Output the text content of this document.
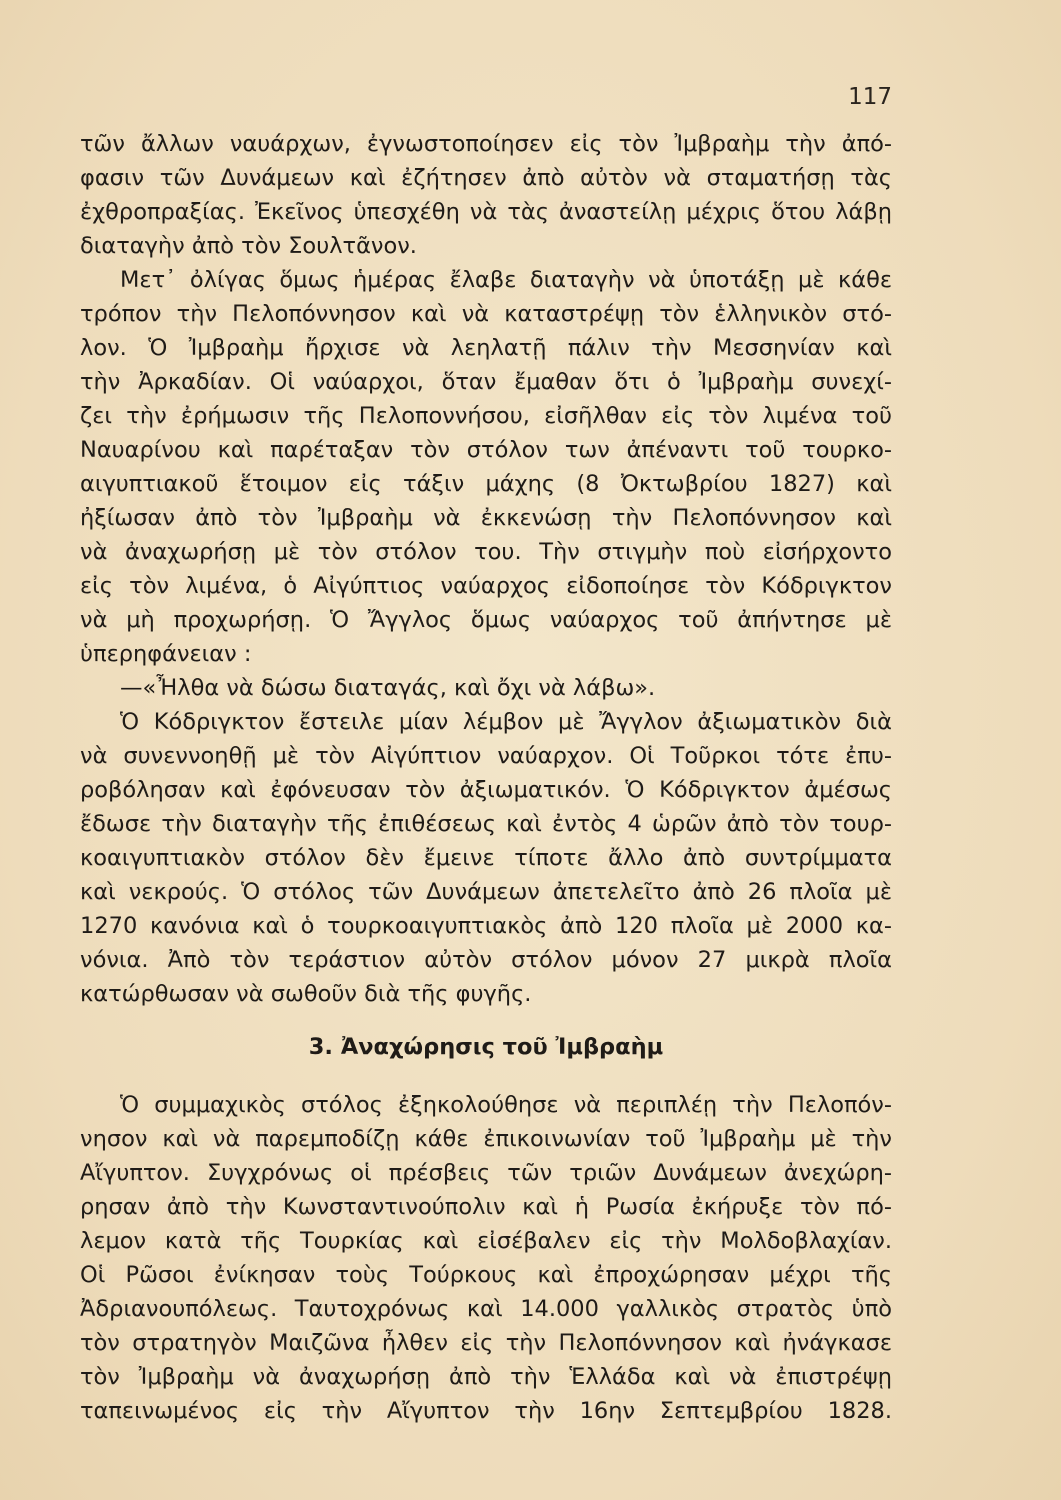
117
τῶν ἄλλων ναυάρχων, ἐγνωστοποίησεν εἰς τὸν Ἰμβραὴμ τὴν ἀπό-
φασιν τῶν Δυνάμεων καὶ ἐζήτησεν ἀπὸ αὐτὸν νὰ σταματήσῃ τὰς
ἐχθροπραξίας. Ἐκεῖνος ὑπεσχέθη νὰ τὰς ἀναστείλῃ μέχρις ὅτου λάβῃ
διαταγὴν ἀπὸ τὸν Σουλτᾶνον.
Μετ᾽ ὀλίγας ὅμως ἡμέρας ἔλαβε διαταγὴν νὰ ὑποτάξῃ μὲ κάθε
τρόπον τὴν Πελοπόννησον καὶ νὰ καταστρέψῃ τὸν ἑλληνικὸν στό-
λον. Ὁ Ἰμβραὴμ ἤρχισε νὰ λεηλατῇ πάλιν τὴν Μεσσηνίαν καὶ
τὴν Ἀρκαδίαν. Οἱ ναύαρχοι, ὅταν ἔμαθαν ὅτι ὁ Ἰμβραὴμ συνεχί-
ζει τὴν ἐρήμωσιν τῆς Πελοποννήσου, εἰσῆλθαν εἰς τὸν λιμένα τοῦ
Ναυαρίνου καὶ παρέταξαν τὸν στόλον των ἀπέναντι τοῦ τουρκο-
αιγυπτιακοῦ ἕτοιμον εἰς τάξιν μάχης (8 Ὀκτωβρίου 1827) καὶ
ἠξίωσαν ἀπὸ τὸν Ἰμβραὴμ νὰ ἐκκενώσῃ τὴν Πελοπόννησον καὶ
νὰ ἀναχωρήσῃ μὲ τὸν στόλον του. Τὴν στιγμὴν ποὺ εἰσήρχοντο
εἰς τὸν λιμένα, ὁ Αἰγύπτιος ναύαρχος εἰδοποίησε τὸν Κόδριγκτον
νὰ μὴ προχωρήσῃ. Ὁ Ἄγγλος ὅμως ναύαρχος τοῦ ἀπήντησε μὲ
ὑπερηφάνειαν :
—«Ἦλθα νὰ δώσω διαταγάς, καὶ ὄχι νὰ λάβω».
Ὁ Κόδριγκτον ἔστειλε μίαν λέμβον μὲ Ἄγγλον ἀξιωματικὸν διὰ
νὰ συνεννοηθῇ μὲ τὸν Αἰγύπτιον ναύαρχον. Οἱ Τοῦρκοι τότε ἐπυ-
ροβόλησαν καὶ ἐφόνευσαν τὸν ἀξιωματικόν. Ὁ Κόδριγκτον ἀμέσως
ἔδωσε τὴν διαταγὴν τῆς ἐπιθέσεως καὶ ἐντὸς 4 ὡρῶν ἀπὸ τὸν τουρ-
κοαιγυπτιακὸν στόλον δὲν ἔμεινε τίποτε ἄλλο ἀπὸ συντρίμματα
καὶ νεκρούς. Ὁ στόλος τῶν Δυνάμεων ἀπετελεῖτο ἀπὸ 26 πλοῖα μὲ
1270 κανόνια καὶ ὁ τουρκοαιγυπτιακὸς ἀπὸ 120 πλοῖα μὲ 2000 κα-
νόνια. Ἀπὸ τὸν τεράστιον αὐτὸν στόλον μόνον 27 μικρὰ πλοῖα
κατώρθωσαν νὰ σωθοῦν διὰ τῆς φυγῆς.
3. Ἀναχώρησις τοῦ Ἰμβραὴμ
Ὁ συμμαχικὸς στόλος ἐξηκολούθησε νὰ περιπλέῃ τὴν Πελοπόν-
νησον καὶ νὰ παρεμποδίζῃ κάθε ἐπικοινωνίαν τοῦ Ἰμβραὴμ μὲ τὴν
Αἴγυπτον. Συγχρόνως οἱ πρέσβεις τῶν τριῶν Δυνάμεων ἀνεχώρη-
ρησαν ἀπὸ τὴν Κωνσταντινούπολιν καὶ ἡ Ρωσία ἐκήρυξε τὸν πό-
λεμον κατὰ τῆς Τουρκίας καὶ εἰσέβαλεν εἰς τὴν Μολδοβλαχίαν.
Οἱ Ρῶσοι ἐνίκησαν τοὺς Τούρκους καὶ ἐπροχώρησαν μέχρι τῆς
Ἀδριανουπόλεως. Ταυτοχρόνως καὶ 14.000 γαλλικὸς στρατὸς ὑπὸ
τὸν στρατηγὸν Μαιζῶνα ἦλθεν εἰς τὴν Πελοπόννησον καὶ ἠνάγκασε
τὸν Ἰμβραὴμ νὰ ἀναχωρήσῃ ἀπὸ τὴν Ἑλλάδα καὶ νὰ ἐπιστρέψῃ
ταπεινωμένος εἰς τὴν Αἴγυπτον τὴν 16ην Σεπτεμβρίου 1828.
